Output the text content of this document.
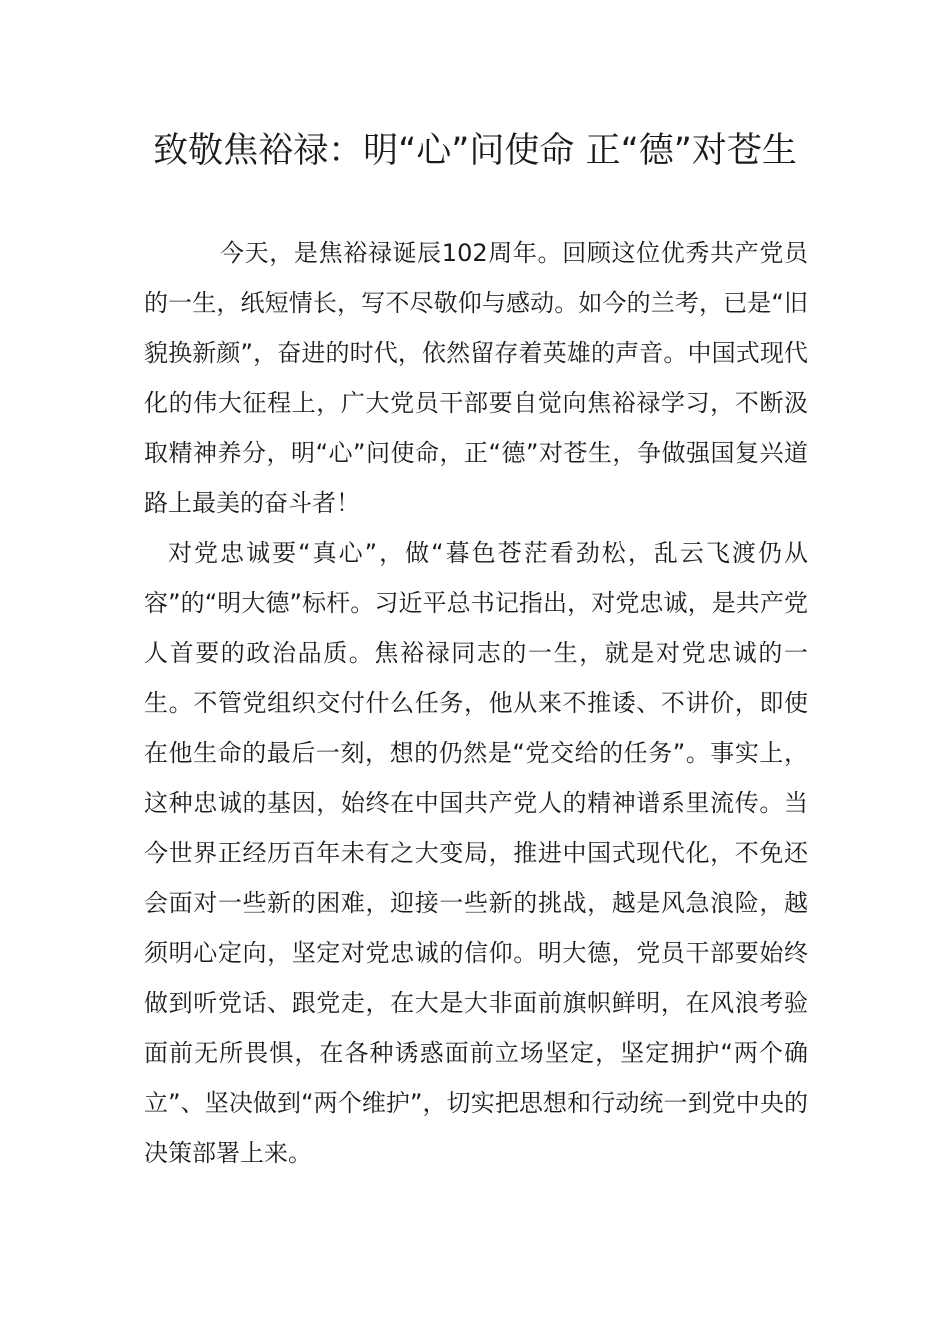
致敬焦裕禄：明“心”问使命 正“德”对苍生

今天，是焦裕禄诞辰102周年。回顾这位优秀共产党员的一生，纸短情长，写不尽敬仰与感动。如今的兰考，已是“旧貌换新颜”，奋进的时代，依然留存着英雄的声音。中国式现代化的伟大征程上，广大党员干部要自觉向焦裕禄学习，不断汲取精神养分，明“心”问使命，正“德”对苍生，争做强国复兴道路上最美的奋斗者！

对党忠诚要“真心”，做“暮色苍茫看劲松，乱云飞渡仍从容”的“明大德”标杆。习近平总书记指出，对党忠诚，是共产党人首要的政治品质。焦裕禄同志的一生，就是对党忠诚的一生。不管党组织交付什么任务，他从来不推诿、不讲价，即使在他生命的最后一刻，想的仍然是“党交给的任务”。事实上，这种忠诚的基因，始终在中国共产党人的精神谱系里流传。当今世界正经历百年未有之大变局，推进中国式现代化，不免还会面对一些新的困难，迎接一些新的挑战，越是风急浪险，越须明心定向，坚定对党忠诚的信仰。明大德，党员干部要始终做到听党话、跟党走，在大是大非面前旗帜鲜明，在风浪考验面前无所畏惧，在各种诱惑面前立场坚定，坚定拥护“两个确立”、坚决做到“两个维护”，切实把思想和行动统一到党中央的决策部署上来。
